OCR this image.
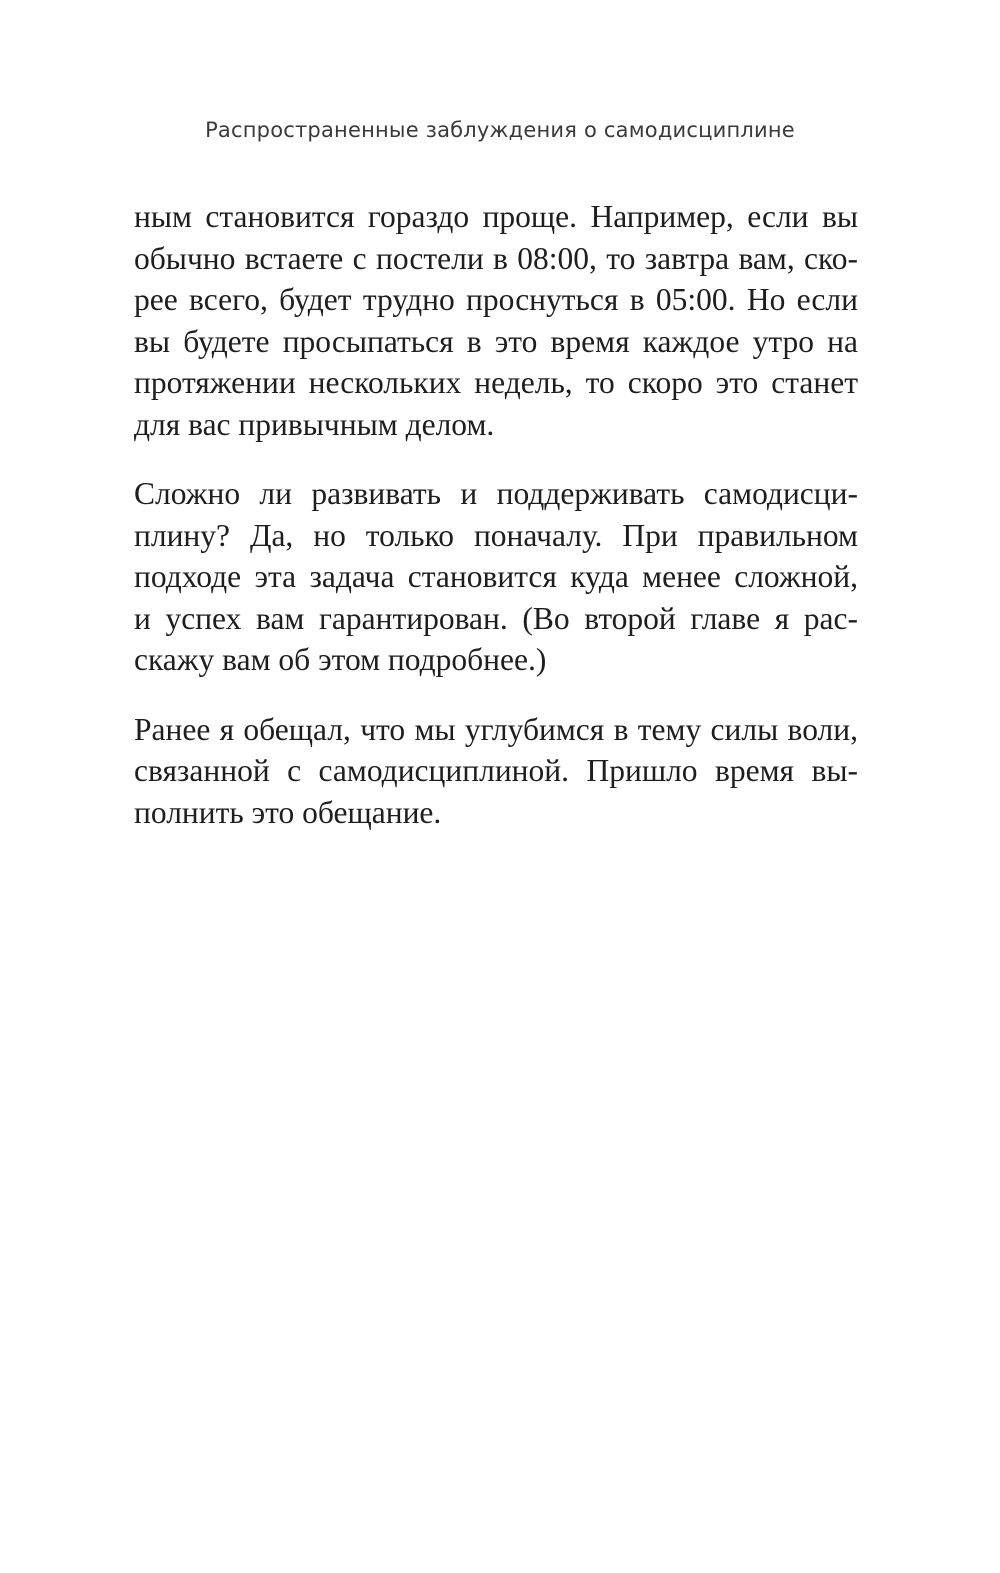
Распространенные заблуждения о самодисциплине

ным становится гораздо проще. Например, если вы
обычно встаете с постели в 08:00, то завтра вам, ско-
рее всего, будет трудно проснуться в 05:00. Но если
вы будете просыпаться в это время каждое утро на
протяжении нескольких недель, то скоро это станет
для вас привычным делом.

Сложно ли развивать и поддерживать самодисци-
плину? Да, но только поначалу. При правильном
подходе эта задача становится куда менее сложной,
и успех вам гарантирован. (Во второй главе я рас-
скажу вам об этом подробнее.)

Ранее я обещал, что мы углубимся в тему силы воли,
связанной с самодисциплиной. Пришло время вы-
полнить это обещание.
